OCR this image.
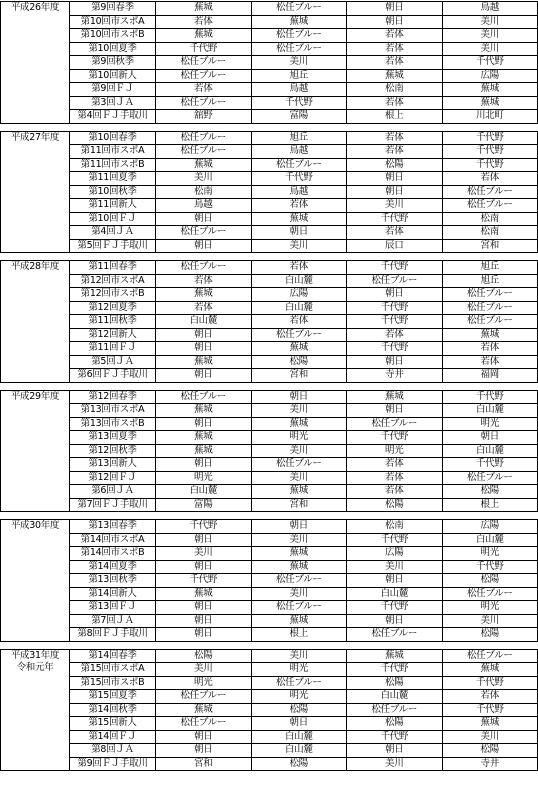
平成26年度	第9回春季	蕪城	松任ブルー	朝日	鳥越
	第10回市スポA	若体	蕪城	朝日	美川
	第10回市スポB	蕪城	松任ブルー	若体	美川
	第10回夏季	千代野	松任ブルー	若体	美川
	第9回秋季	松任ブルー	美川	若体	千代野
	第10回新人	松任ブルー	旭丘	蕪城	広陽
	第9回ＦＪ	若体	鳥越	松南	蕪城
	第3回ＪＡ	松任ブルー	千代野	若体	蕪城
	第4回ＦＪ手取川	舘野	富陽	根上	川北町

平成27年度	第10回春季	松任ブルー	旭丘	若体	千代野
	第11回市スポA	松任ブルー	鳥越	若体	千代野
	第11回市スポB	蕪城	松任ブルー	松陽	千代野
	第11回夏季	美川	千代野	朝日	若体
	第10回秋季	松南	鳥越	朝日	松任ブルー
	第11回新人	鳥越	若体	美川	松任ブルー
	第10回ＦＪ	朝日	蕪城	千代野	松南
	第4回ＪＡ	松任ブルー	朝日	若体	松南
	第5回ＦＪ手取川	朝日	美川	辰口	宮和

平成28年度	第11回春季	松任ブルー	若体	千代野	旭丘
	第12回市スポA	若体	白山麓	松任ブルー	旭丘
	第12回市スポB	蕪城	広陽	朝日	松任ブルー
	第12回夏季	若体	白山麓	千代野	松任ブルー
	第11回秋季	白山麓	若体	千代野	松任ブルー
	第12回新人	朝日	松任ブルー	若体	蕪城
	第11回ＦＪ	朝日	蕪城	千代野	若体
	第5回ＪＡ	蕪城	松陽	朝日	若体
	第6回ＦＪ手取川	朝日	宮和	寺井	福岡

平成29年度	第12回春季	松任ブルー	朝日	蕪城	千代野
	第13回市スポA	蕪城	美川	朝日	白山麓
	第13回市スポB	朝日	蕪城	松任ブルー	明光
	第13回夏季	蕪城	明光	千代野	朝日
	第12回秋季	蕪城	美川	明光	白山麓
	第13回新人	朝日	松任ブルー	若体	千代野
	第12回ＦＪ	明光	美川	若体	松任ブルー
	第6回ＪＡ	白山麓	蕪城	若体	松陽
	第7回ＦＪ手取川	富陽	宮和	松陽	根上

平成30年度	第13回春季	千代野	朝日	松南	広陽
	第14回市スポA	朝日	美川	千代野	白山麓
	第14回市スポB	美川	蕪城	広陽	明光
	第14回夏季	朝日	蕪城	美川	千代野
	第13回秋季	千代野	松任ブルー	朝日	松陽
	第14回新人	蕪城	美川	白山麓	松任ブルー
	第13回ＦＪ	朝日	松任ブルー	千代野	明光
	第7回ＪＡ	朝日	蕪城	朝日	美川
	第8回ＦＪ手取川	朝日	根上	松任ブルー	松陽

平成31年度
令和元年	第14回春季	松陽	美川	蕪城	松任ブルー
	第15回市スポA	美川	明光	千代野	蕪城
	第15回市スポB	明光	松任ブルー	松陽	千代野
	第15回夏季	松任ブルー	明光	白山麓	若体
	第14回秋季	蕪城	松陽	松任ブルー	千代野
	第15回新人	松任ブルー	朝日	松陽	蕪城
	第14回ＦＪ	朝日	白山麓	千代野	美川
	第8回ＪＡ	朝日	白山麓	朝日	松陽
	第9回ＦＪ手取川	宮和	松陽	美川	寺井
